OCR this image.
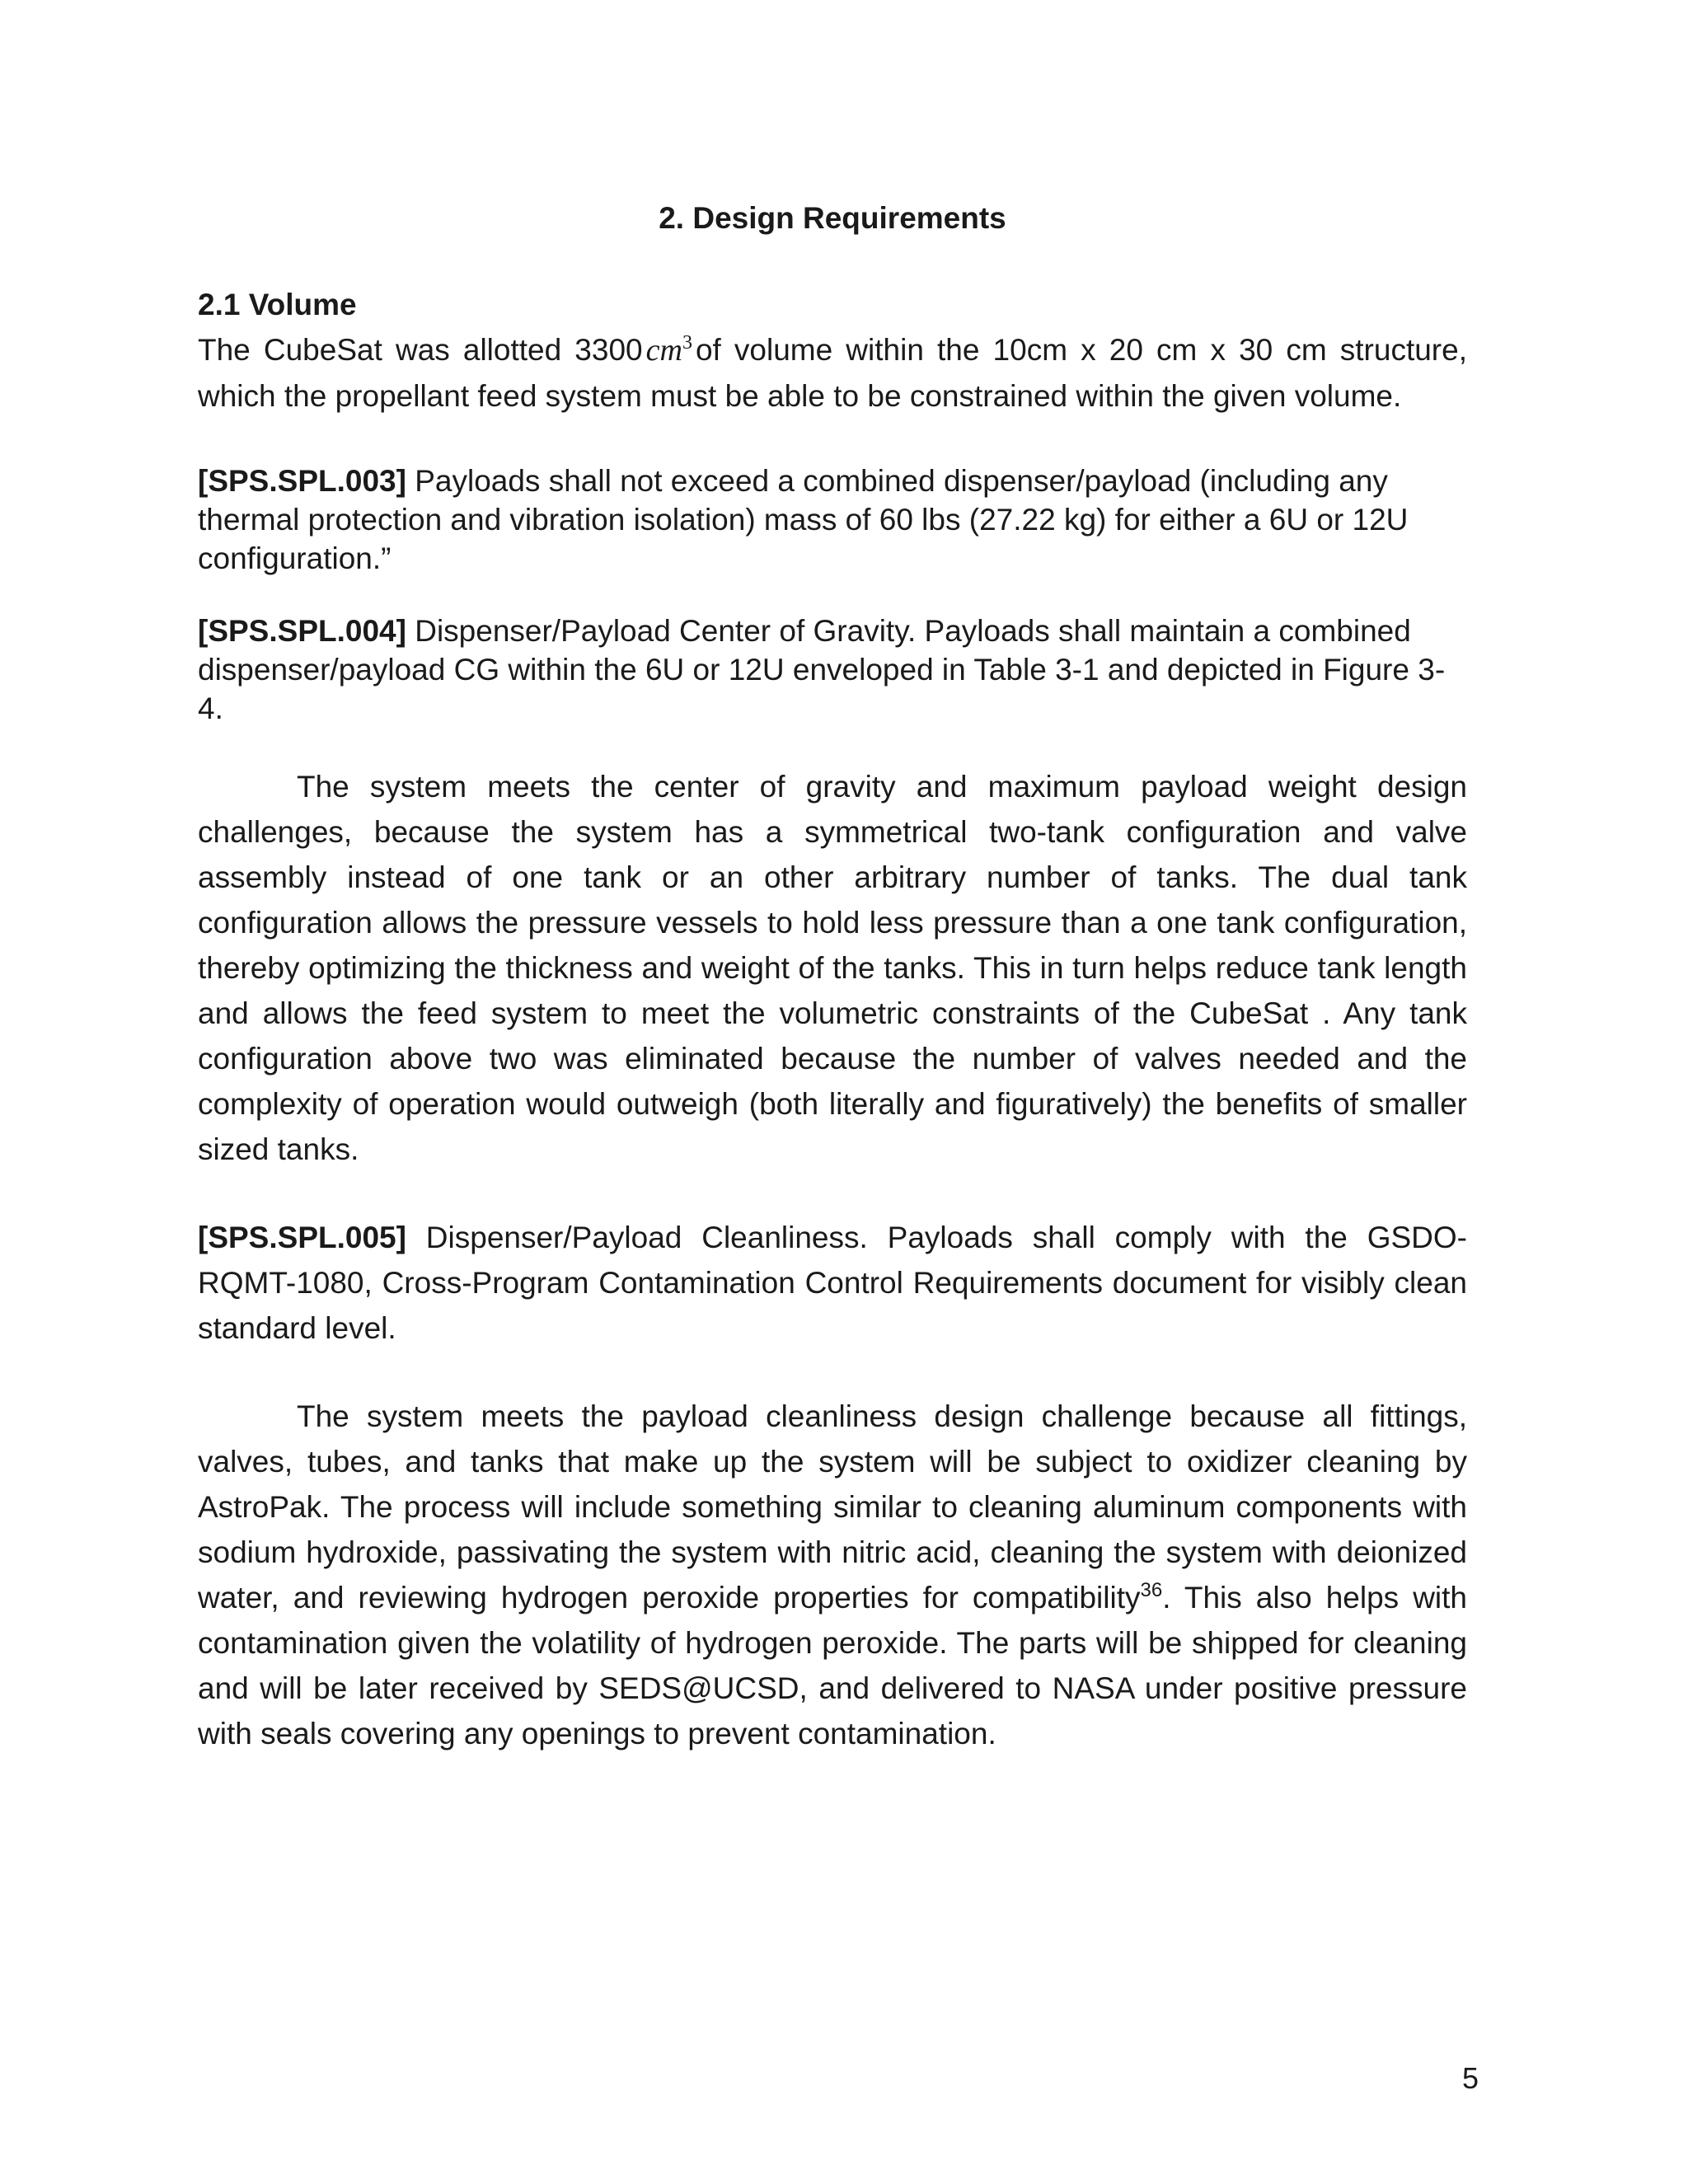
2. Design Requirements
2.1 Volume

The CubeSat was allotted 3300 $cm^3$ of volume within the 10cm x 20 cm x 30 cm structure, which the propellant feed system must be able to be constrained within the given volume.

[SPS.SPL.003] Payloads shall not exceed a combined dispenser/payload (including any thermal protection and vibration isolation) mass of 60 lbs (27.22 kg) for either a 6U or 12U configuration.”

[SPS.SPL.004] Dispenser/Payload Center of Gravity. Payloads shall maintain a combined dispenser/payload CG within the 6U or 12U enveloped in Table 3-1 and depicted in Figure 3-4.

The system meets the center of gravity and maximum payload weight design challenges, because the system has a symmetrical two-tank configuration and valve assembly instead of one tank or an other arbitrary number of tanks. The dual tank configuration allows the pressure vessels to hold less pressure than a one tank configuration, thereby optimizing the thickness and weight of the tanks. This in turn helps reduce tank length and allows the feed system to meet the volumetric constraints of the CubeSat . Any tank configuration above two was eliminated because the number of valves needed and the complexity of operation would outweigh (both literally and figuratively) the benefits of smaller sized tanks.

[SPS.SPL.005] Dispenser/Payload Cleanliness. Payloads shall comply with the GSDO-RQMT-1080, Cross-Program Contamination Control Requirements document for visibly clean standard level.

The system meets the payload cleanliness design challenge because all fittings, valves, tubes, and tanks that make up the system will be subject to oxidizer cleaning by AstroPak. The process will include something similar to cleaning aluminum components with sodium hydroxide, passivating the system with nitric acid, cleaning the system with deionized water, and reviewing hydrogen peroxide properties for compatibility$^{36}$. This also helps with contamination given the volatility of hydrogen peroxide. The parts will be shipped for cleaning and will be later received by SEDS@UCSD, and delivered to NASA under positive pressure with seals covering any openings to prevent contamination.

5
